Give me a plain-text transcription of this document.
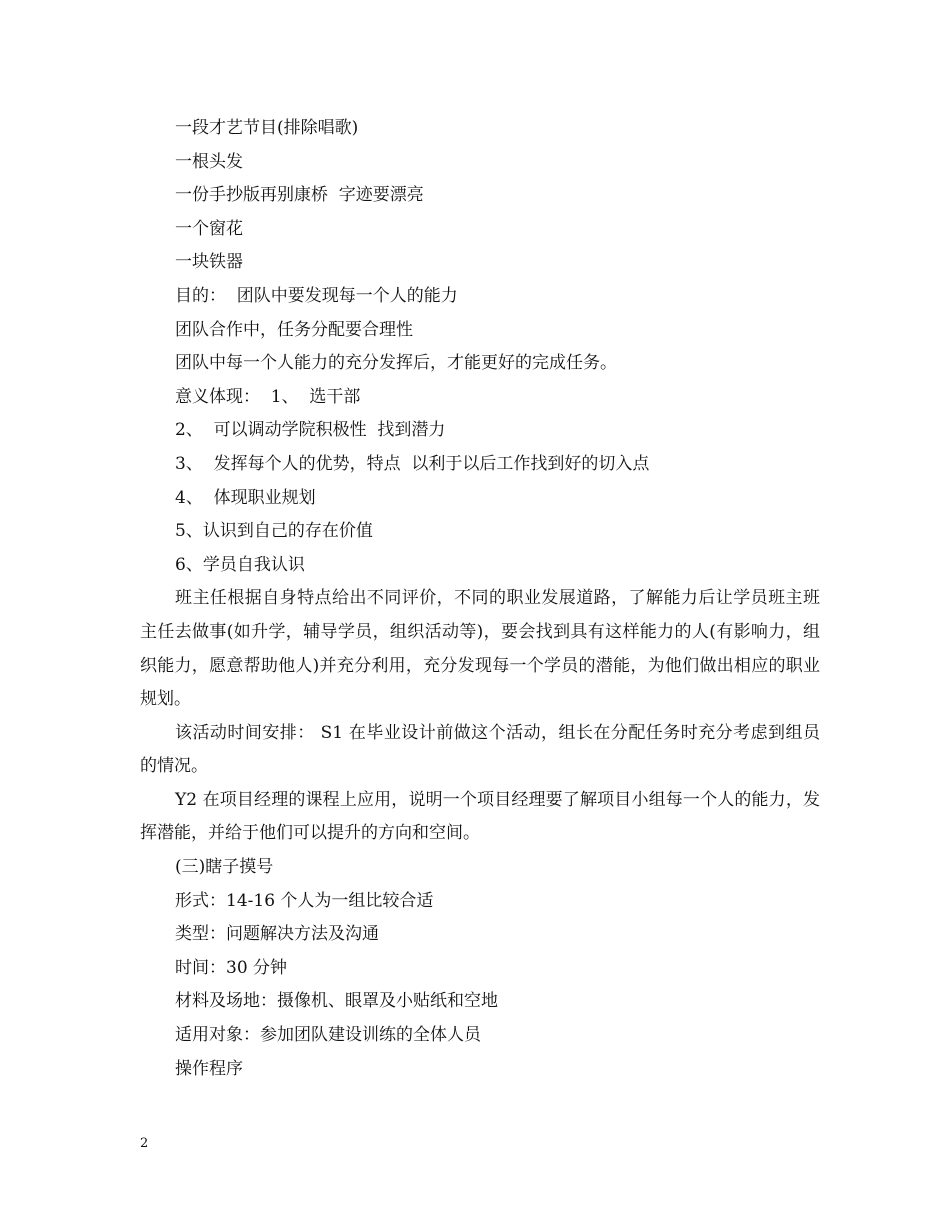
一段才艺节目(排除唱歌)

一根头发

一份手抄版再别康桥  字迹要漂亮

一个窗花

一块铁器

目的：  团队中要发现每一个人的能力

团队合作中，任务分配要合理性

团队中每一个人能力的充分发挥后，才能更好的完成任务。

意义体现：  1、  选干部

2、  可以调动学院积极性  找到潜力

3、  发挥每个人的优势，特点  以利于以后工作找到好的切入点

4、  体现职业规划

5、认识到自己的存在价值

6、学员自我认识

班主任根据自身特点给出不同评价，不同的职业发展道路，了解能力后让学员班主班主任去做事(如升学，辅导学员，组织活动等)，要会找到具有这样能力的人(有影响力，组织能力，愿意帮助他人)并充分利用，充分发现每一个学员的潜能，为他们做出相应的职业规划。

该活动时间安排： S1 在毕业设计前做这个活动，组长在分配任务时充分考虑到组员的情况。

Y2 在项目经理的课程上应用，说明一个项目经理要了解项目小组每一个人的能力，发挥潜能，并给于他们可以提升的方向和空间。

(三)瞎子摸号

形式：14-16 个人为一组比较合适

类型：问题解决方法及沟通

时间：30 分钟

材料及场地：摄像机、眼罩及小贴纸和空地

适用对象：参加团队建设训练的全体人员

操作程序

2
